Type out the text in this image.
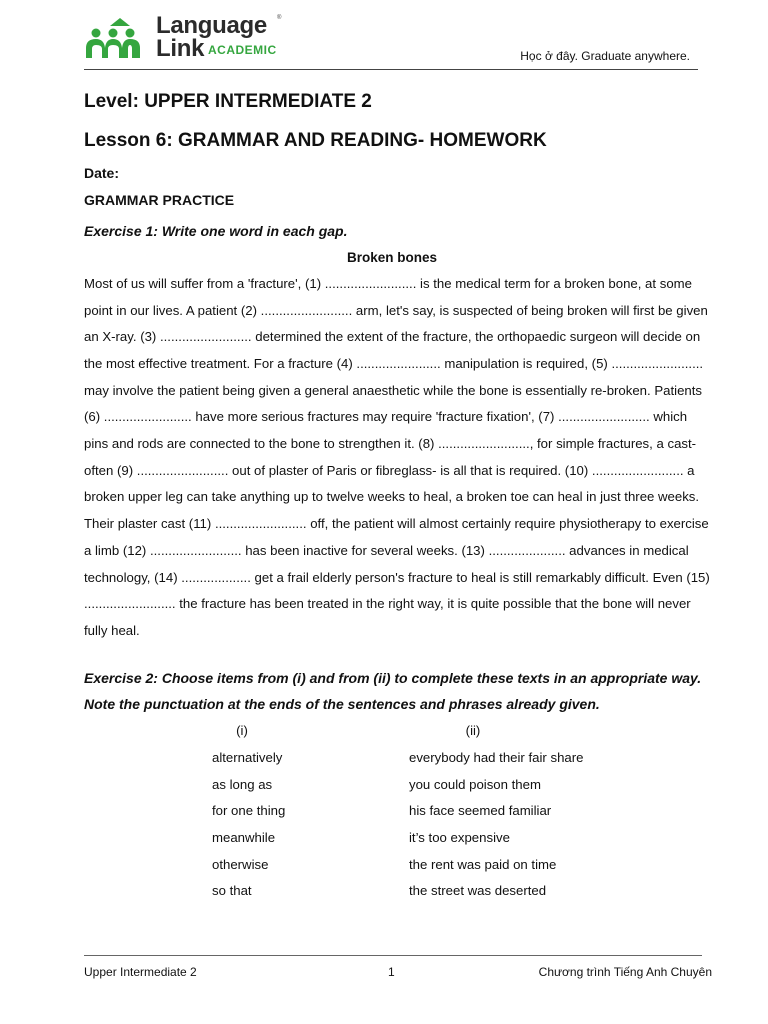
Language
Link ACADEMIC
®
Học ở đây. Graduate anywhere.
Level: UPPER INTERMEDIATE 2
Lesson 6: GRAMMAR AND READING- HOMEWORK
Date:
GRAMMAR PRACTICE
Exercise 1: Write one word in each gap.
Broken bones

Most of us will suffer from a 'fracture', (1) ......................... is the medical term for a broken bone, at some point in our lives. A patient (2) ......................... arm, let's say, is suspected of being broken will first be given an X-ray. (3) ......................... determined the extent of the fracture, the orthopaedic surgeon will decide on the most effective treatment. For a fracture (4) ....................... manipulation is required, (5) ......................... may involve the patient being given a general anaesthetic while the bone is essentially re-broken. Patients (6) ........................ have more serious fractures may require 'fracture fixation', (7) ......................... which pins and rods are connected to the bone to strengthen it. (8) ........................., for simple fractures, a cast- often (9) ......................... out of plaster of Paris or fibreglass- is all that is required. (10) ......................... a broken upper leg can take anything up to twelve weeks to heal, a broken toe can heal in just three weeks.

Their plaster cast (11) ......................... off, the patient will almost certainly require physiotherapy to exercise a limb (12) ......................... has been inactive for several weeks. (13) ..................... advances in medical technology, (14) ................... get a frail elderly person's fracture to heal is still remarkably difficult. Even (15) ......................... the fracture has been treated in the right way, it is quite possible that the bone will never fully heal.

Exercise 2: Choose items from (i) and from (ii) to complete these texts in an appropriate way.
Note the punctuation at the ends of the sentences and phrases already given.
(i)
alternatively
as long as
for one thing
meanwhile
otherwise
so that
(ii)
everybody had their fair share
you could poison them
his face seemed familiar
it’s too expensive
the rent was paid on time
the street was deserted
Upper Intermediate 2	1	Chương trình Tiếng Anh Chuyên
